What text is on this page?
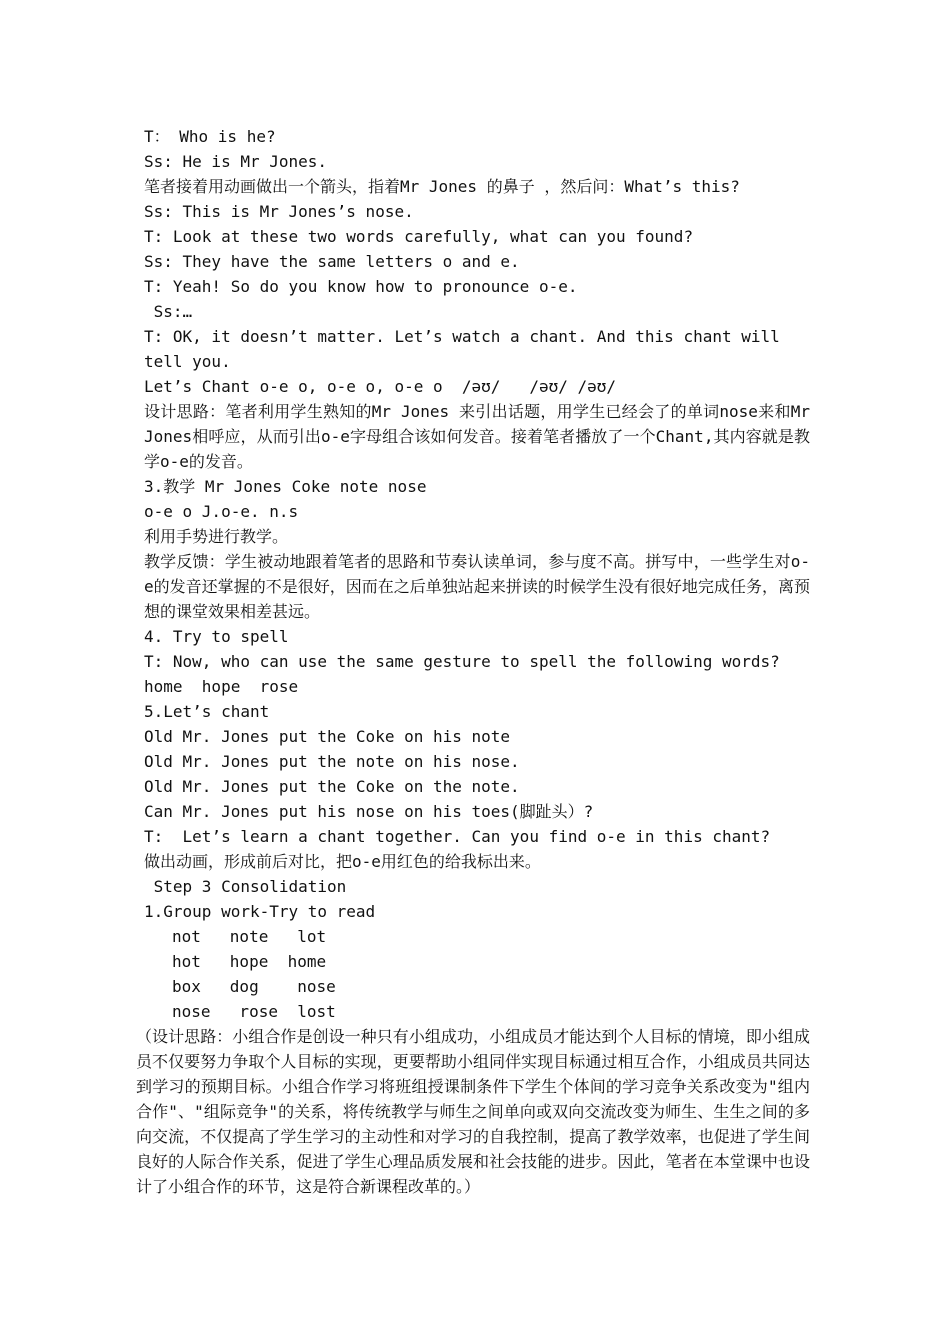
T： Who is he?
Ss: He is Mr Jones.
笔者接着用动画做出一个箭头，指着Mr Jones 的鼻子 ，然后问：What’s this?
Ss: This is Mr Jones’s nose.
T: Look at these two words carefully, what can you found?
Ss: They have the same letters o and e.
T: Yeah! So do you know how to pronounce o-e.
Ss:…
T: OK, it doesn’t matter. Let’s watch a chant. And this chant will tell you.
Let’s Chant o-e o, o-e o, o-e o  /əʊ/   /əʊ/ /əʊ/
设计思路：笔者利用学生熟知的Mr Jones 来引出话题，用学生已经会了的单词nose来和Mr Jones相呼应，从而引出o-e字母组合该如何发音。接着笔者播放了一个Chant,其内容就是教学o-e的发音。
3.教学 Mr Jones Coke note nose
o-e o J.o-e. n.s
利用手势进行教学。
教学反馈：学生被动地跟着笔者的思路和节奏认读单词，参与度不高。拼写中，一些学生对o-e的发音还掌握的不是很好，因而在之后单独站起来拼读的时候学生没有很好地完成任务，离预想的课堂效果相差甚远。
4. Try to spell
T: Now, who can use the same gesture to spell the following words?
home  hope  rose
5.Let’s chant
Old Mr. Jones put the Coke on his note
Old Mr. Jones put the note on his nose.
Old Mr. Jones put the Coke on the note.
Can Mr. Jones put his nose on his toes(脚趾头）?
T:  Let’s learn a chant together. Can you find o-e in this chant?
做出动画，形成前后对比，把o-e用红色的给我标出来。
Step 3 Consolidation
1.Group work-Try to read
not   note   lot
hot   hope  home
box   dog    nose
nose   rose  lost
（设计思路：小组合作是创设一种只有小组成功，小组成员才能达到个人目标的情境，即小组成员不仅要努力争取个人目标的实现，更要帮助小组同伴实现目标通过相互合作，小组成员共同达到学习的预期目标。小组合作学习将班组授课制条件下学生个体间的学习竞争关系改变为"组内合作"、"组际竞争"的关系，将传统教学与师生之间单向或双向交流改变为师生、生生之间的多向交流，不仅提高了学生学习的主动性和对学习的自我控制，提高了教学效率，也促进了学生间良好的人际合作关系，促进了学生心理品质发展和社会技能的进步。因此，笔者在本堂课中也设计了小组合作的环节，这是符合新课程改革的。）
